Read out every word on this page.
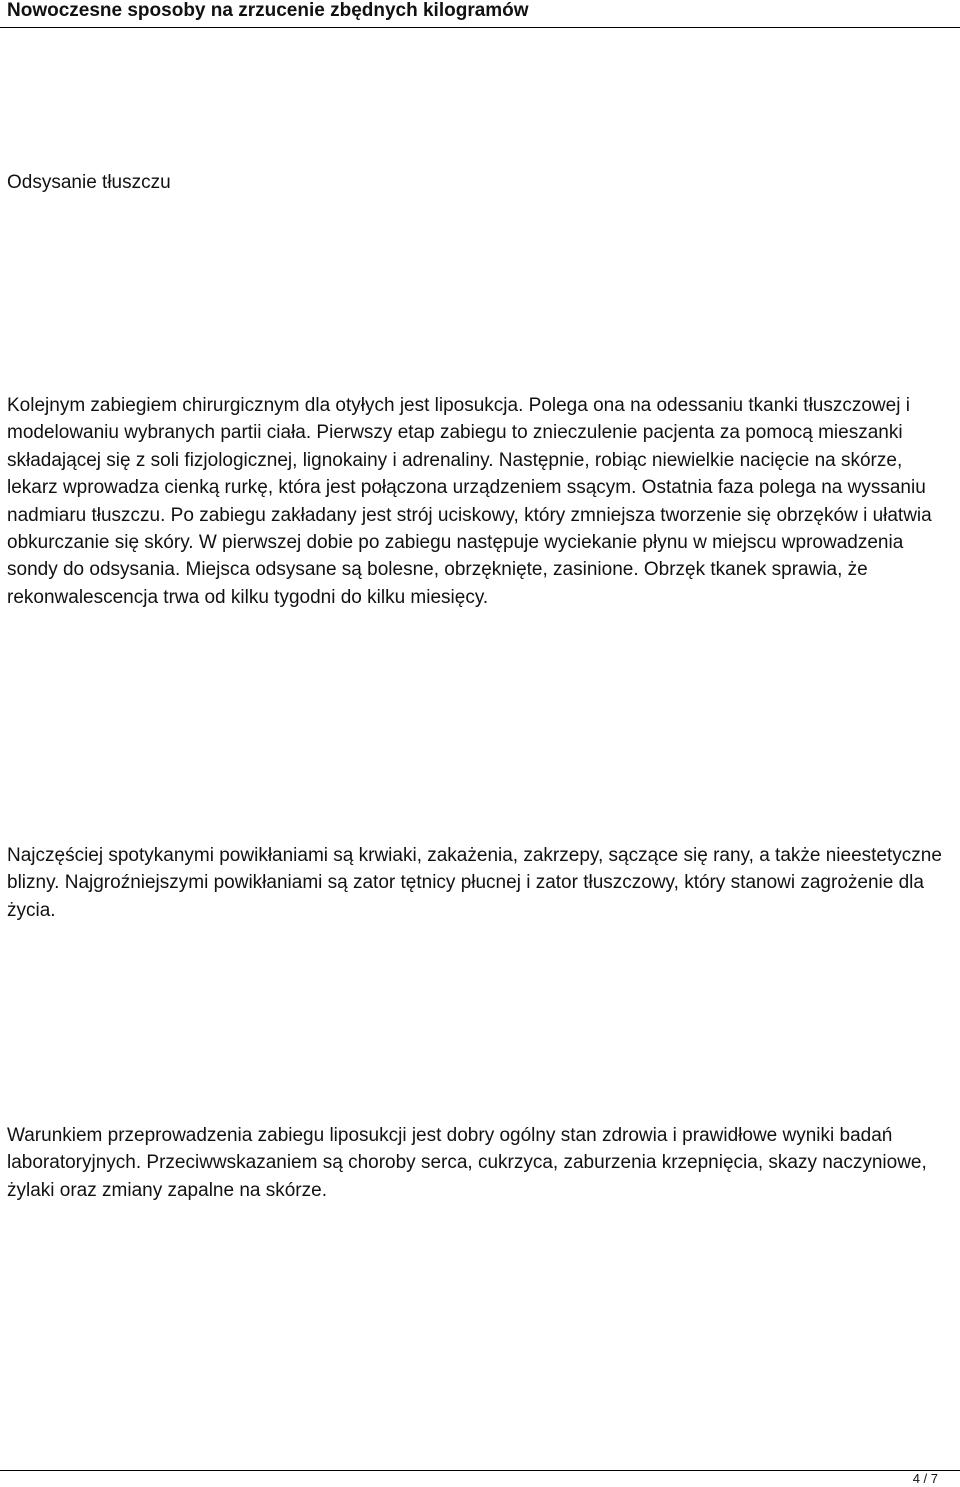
Nowoczesne sposoby na zrzucenie zbędnych kilogramów
Odsysanie tłuszczu

Kolejnym zabiegiem chirurgicznym dla otyłych jest liposukcja. Polega ona na odessaniu tkanki tłuszczowej i modelowaniu wybranych partii ciała. Pierwszy etap zabiegu to znieczulenie pacjenta za pomocą mieszanki składającej się z soli fizjologicznej, lignokainy i adrenaliny. Następnie, robiąc niewielkie nacięcie na skórze, lekarz wprowadza cienką rurkę, która jest połączona urządzeniem ssącym. Ostatnia faza polega na wyssaniu nadmiaru tłuszczu. Po zabiegu zakładany jest strój uciskowy, który zmniejsza tworzenie się obrzęków i ułatwia obkurczanie się skóry. W pierwszej dobie po zabiegu następuje wyciekanie płynu w miejscu wprowadzenia sondy do odsysania. Miejsca odsysane są bolesne, obrzęknięte, zasinione. Obrzęk tkanek sprawia, że rekonwalescencja trwa od kilku tygodni do kilku miesięcy.

Najczęściej spotykanymi powikłaniami są krwiaki, zakażenia, zakrzepy, sączące się rany, a także nieestetyczne blizny. Najgroźniejszymi powikłaniami są zator tętnicy płucnej i zator tłuszczowy, który stanowi zagrożenie dla życia.

Warunkiem przeprowadzenia zabiegu liposukcji jest dobry ogólny stan zdrowia i prawidłowe wyniki badań laboratoryjnych. Przeciwwskazaniem są choroby serca, cukrzyca, zaburzenia krzepnięcia, skazy naczyniowe, żylaki oraz zmiany zapalne na skórze.

4 / 7
